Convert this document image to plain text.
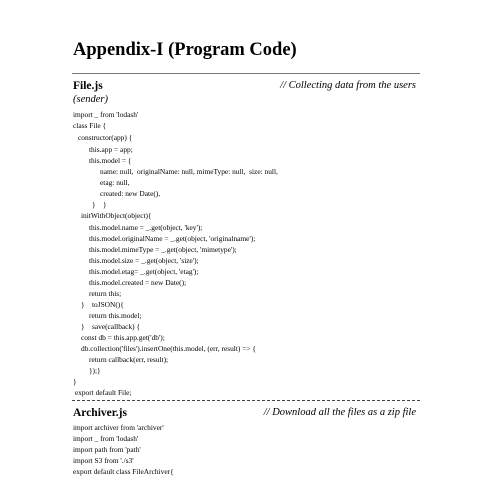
Appendix-I (Program Code)
File.js	// Collecting data from the users
(sender)
import _ from 'lodash'
class File {
constructor(app) {
this.app = app;
this.model = {
name: null,  originalName: null, mimeType: null,  size: null,
etag: null,
created: new Date(),
}    }
initWithObject(object){
this.model.name = _.get(object, 'key');
this.model.originalName = _.get(object, 'originalname');
this.model.mimeType = _.get(object, 'mimetype');
this.model.size = _.get(object, 'size');
this.model.etag= _.get(object, 'etag');
this.model.created = new Date();
return this;
}    toJSON(){
return this.model;
}    save(callback) {
const db = this.app.get('db');
db.collection('files').insertOne(this.model, (err, result) => {
return callback(err, result);
});}
}
export default File;
Archiver.js	// Download all the files as a zip file
import archiver from 'archiver'
import _ from 'lodash'
import path from 'path'
import S3 from './s3'
export default class FileArchiver{
